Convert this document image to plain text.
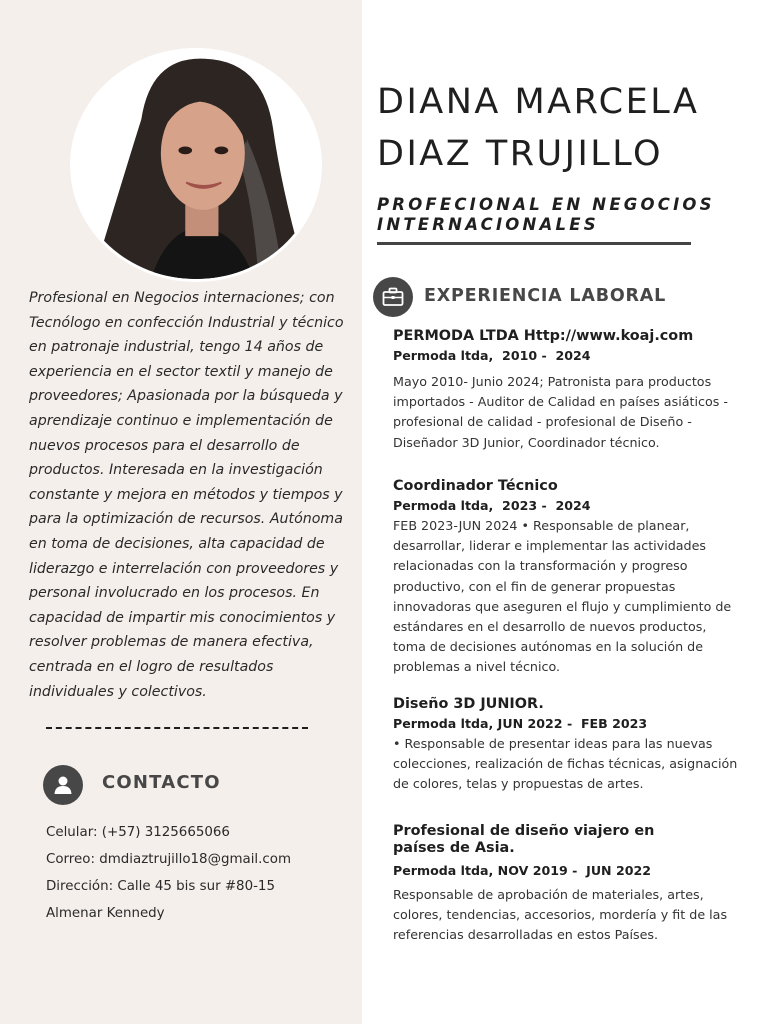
Profesional en Negocios internaciones; con Tecnólogo en confección Industrial y técnico en patronaje industrial, tengo 14 años de experiencia en el sector textil y manejo de proveedores; Apasionada por la búsqueda y aprendizaje continuo e implementación de nuevos procesos para el desarrollo de productos. Interesada en la investigación constante y mejora en métodos y tiempos y para la optimización de recursos. Autónoma en toma de decisiones, alta capacidad de liderazgo e interrelación con proveedores y personal involucrado en los procesos. En capacidad de impartir mis conocimientos y resolver problemas de manera efectiva, centrada en el logro de resultados individuales y colectivos.

CONTACTO
Celular: (+57) 3125665066
Correo: dmdiaztrujillo18@gmail.com
Dirección: Calle 45 bis sur #80-15
Almenar Kennedy
DIANA MARCELA
DIAZ TRUJILLO
PROFECIONAL EN NEGOCIOS
INTERNACIONALES
EXPERIENCIA LABORAL
PERMODA LTDA Http://www.koaj.com

Permoda ltda,  2010 -  2024

Mayo 2010- Junio 2024; Patronista para productos importados - Auditor de Calidad en países asiáticos - profesional de calidad - profesional de Diseño - Diseñador 3D Junior, Coordinador técnico.

Coordinador Técnico

Permoda ltda,  2023 -  2024

FEB 2023-JUN 2024 • Responsable de planear, desarrollar, liderar e implementar las actividades relacionadas con la transformación y progreso productivo, con el fin de generar propuestas innovadoras que aseguren el flujo y cumplimiento de estándares en el desarrollo de nuevos productos, toma de decisiones autónomas en la solución de problemas a nivel técnico.

Diseño 3D JUNIOR.

Permoda ltda, JUN 2022 -  FEB 2023

• Responsable de presentar ideas para las nuevas colecciones, realización de fichas técnicas, asignación de colores, telas y propuestas de artes.

Profesional de diseño viajero en países de Asia.

Permoda ltda, NOV 2019 -  JUN 2022

Responsable de aprobación de materiales, artes, colores, tendencias, accesorios, mordería y fit de las referencias desarrolladas en estos Países.
